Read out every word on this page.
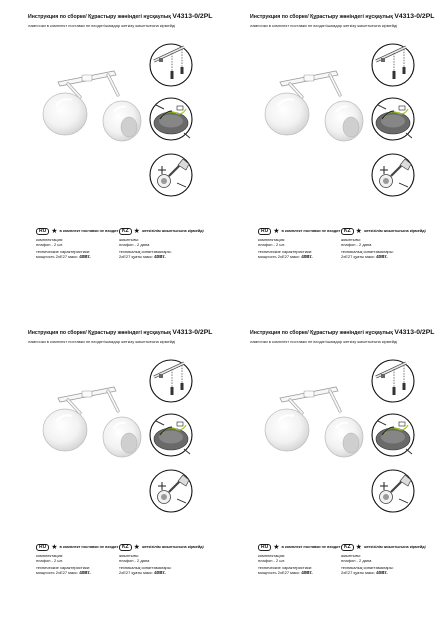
Инструкция по сборке/ Құрастыру жөніндегі нұсқаулық V4313-0/2PL
лампочки в комплект поставки не входят/шамдар жеткізу жиынтығына кірмейді
RU ★ в комплект поставки не входит
комплектация:
плафон - 2 шт.
технические характеристики:
мощность 2хE27 макс: 40Вт.
KZ ★ жеткізілім жиынтығына кірмейді
жиынтығы:
плафон - 2 дана
техникалық сипаттамалары:
2хЕ27 қуаты макс: 40Вт.
Инструкция по сборке/ Құрастыру жөніндегі нұсқаулық V4313-0/2PL
лампочки в комплект поставки не входят/шамдар жеткізу жиынтығына кірмейді
RU ★ в комплект поставки не входит
комплектация:
плафон - 2 шт.
технические характеристики:
мощность 2хE27 макс: 40Вт.
KZ ★ жеткізілім жиынтығына кірмейді
жиынтығы:
плафон - 2 дана
техникалық сипаттамалары:
2хЕ27 қуаты макс: 40Вт.
Инструкция по сборке/ Құрастыру жөніндегі нұсқаулық V4313-0/2PL
лампочки в комплект поставки не входят/шамдар жеткізу жиынтығына кірмейді
RU ★ в комплект поставки не входит
комплектация:
плафон - 2 шт.
технические характеристики:
мощность 2хE27 макс: 40Вт.
KZ ★ жеткізілім жиынтығына кірмейді
жиынтығы:
плафон - 2 дана
техникалық сипаттамалары:
2хЕ27 қуаты макс: 40Вт.
Инструкция по сборке/ Құрастыру жөніндегі нұсқаулық V4313-0/2PL
лампочки в комплект поставки не входят/шамдар жеткізу жиынтығына кірмейді
RU ★ в комплект поставки не входит
комплектация:
плафон - 2 шт.
технические характеристики:
мощность 2хE27 макс: 40Вт.
KZ ★ жеткізілім жиынтығына кірмейді
жиынтығы:
плафон - 2 дана
техникалық сипаттамалары:
2хЕ27 қуаты макс: 40Вт.
